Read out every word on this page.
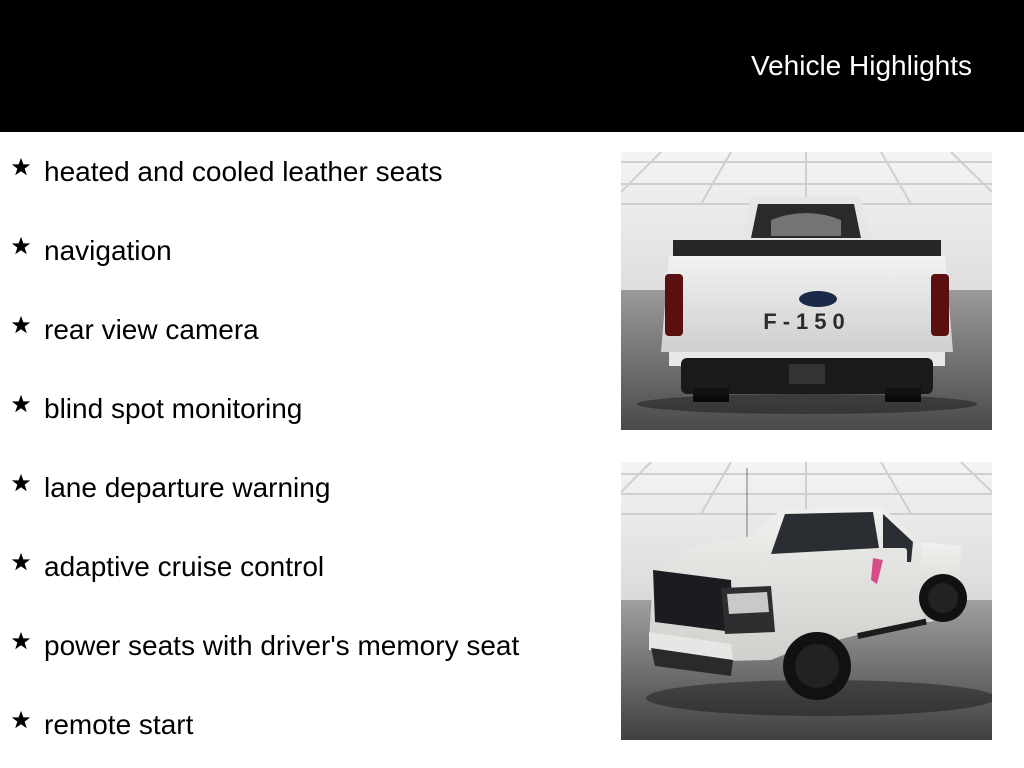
Vehicle Highlights
heated and cooled leather seats
navigation
rear view camera
blind spot monitoring
lane departure warning
adaptive cruise control
power seats with driver's memory seat
remote start
F-150
